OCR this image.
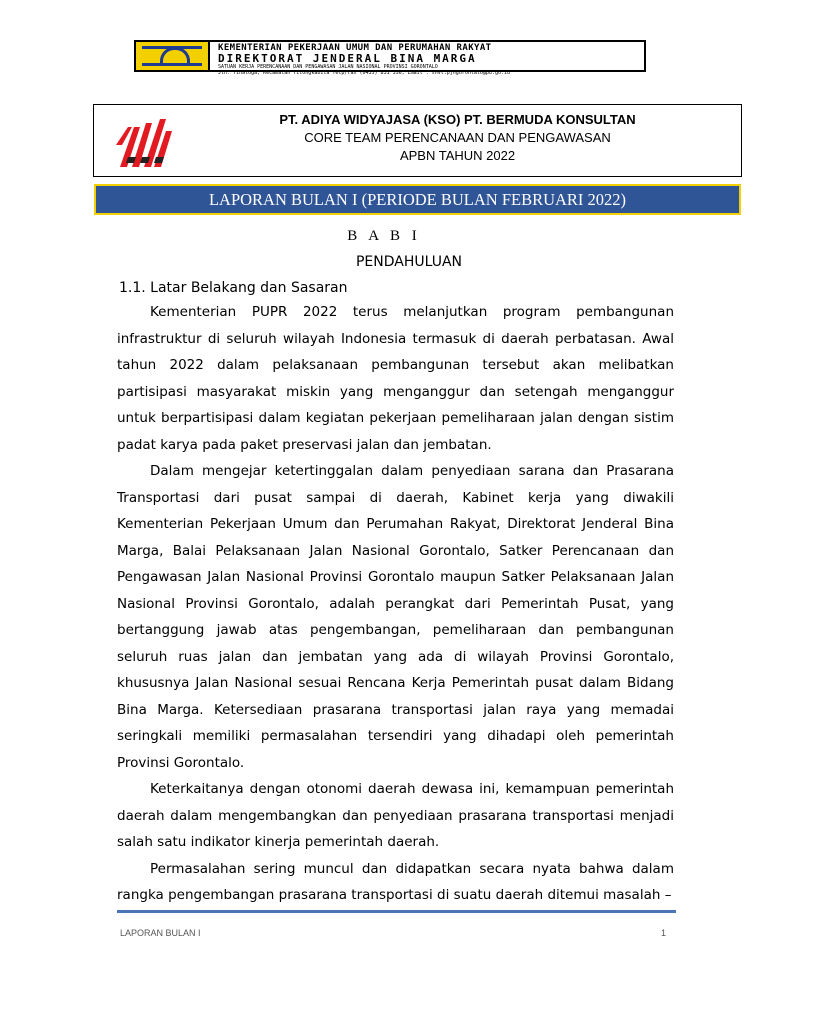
KEMENTERIAN PEKERJAAN UMUM DAN PERUMAHAN RAKYAT
DIREKTORAT JENDERAL BINA MARGA
SATUAN KERJA PERENCANAAN DAN PENGAWASAN JALAN NASIONAL PROVINSI GORONTALO
Jln. Tinaloga, Kecamatan Tilongkabila Telp/Fax (0435) 831 356, Email : snvt.pjngorontalo@pu.go.id
PT. ADIYA WIDYAJASA (KSO) PT. BERMUDA KONSULTAN
CORE TEAM PERENCANAAN DAN PENGAWASAN
APBN TAHUN 2022
LAPORAN BULAN I (PERIODE BULAN FEBRUARI 2022)
B A B I
PENDAHULUAN
1.1. Latar Belakang dan Sasaran

Kementerian PUPR 2022 terus melanjutkan program pembangunan infrastruktur di seluruh wilayah Indonesia termasuk di daerah perbatasan. Awal tahun 2022 dalam pelaksanaan pembangunan tersebut akan melibatkan partisipasi masyarakat miskin yang menganggur dan setengah menganggur untuk berpartisipasi dalam kegiatan pekerjaan pemeliharaan jalan dengan sistim padat karya pada paket preservasi jalan dan jembatan.

Dalam mengejar ketertinggalan dalam penyediaan sarana dan Prasarana Transportasi dari pusat sampai di daerah, Kabinet kerja yang diwakili Kementerian Pekerjaan Umum dan Perumahan Rakyat, Direktorat Jenderal Bina Marga, Balai Pelaksanaan Jalan Nasional Gorontalo, Satker Perencanaan dan Pengawasan Jalan Nasional Provinsi Gorontalo maupun Satker Pelaksanaan Jalan Nasional Provinsi Gorontalo, adalah perangkat dari Pemerintah Pusat, yang bertanggung jawab atas pengembangan, pemeliharaan dan pembangunan seluruh ruas jalan dan jembatan yang ada di wilayah Provinsi Gorontalo, khususnya Jalan Nasional sesuai Rencana Kerja Pemerintah pusat dalam Bidang Bina Marga. Ketersediaan prasarana transportasi jalan raya yang memadai seringkali memiliki permasalahan tersendiri yang dihadapi oleh pemerintah Provinsi Gorontalo.

Keterkaitanya dengan otonomi daerah dewasa ini, kemampuan pemerintah daerah dalam mengembangkan dan penyediaan prasarana transportasi menjadi salah satu indikator kinerja pemerintah daerah.

Permasalahan sering muncul dan didapatkan secara nyata bahwa dalam rangka pengembangan prasarana transportasi di suatu daerah ditemui masalah –

LAPORAN BULAN I	1
